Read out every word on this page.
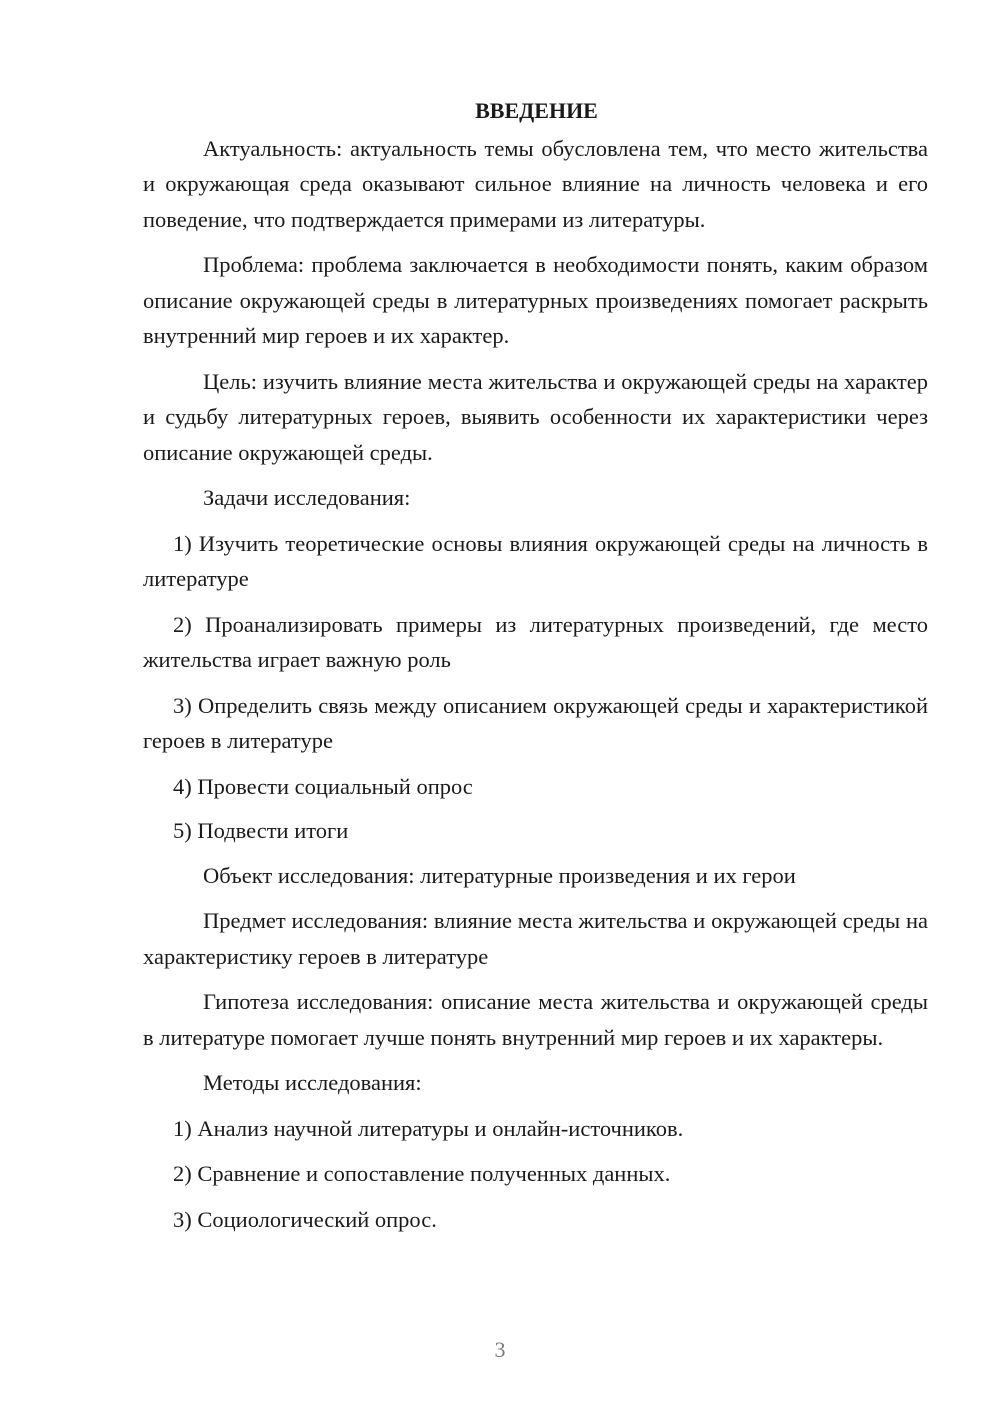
ВВЕДЕНИЕ

Актуальность: актуальность темы обусловлена тем, что место жительства и окружающая среда оказывают сильное влияние на личность человека и его поведение, что подтверждается примерами из литературы.

Проблема: проблема заключается в необходимости понять, каким образом описание окружающей среды в литературных произведениях помогает раскрыть внутренний мир героев и их характер.

Цель: изучить влияние места жительства и окружающей среды на характер и судьбу литературных героев, выявить особенности их характеристики через описание окружающей среды.

Задачи исследования:

1) Изучить теоретические основы влияния окружающей среды на личность в литературе

2) Проанализировать примеры из литературных произведений, где место жительства играет важную роль

3) Определить связь между описанием окружающей среды и характеристикой героев в литературе

4) Провести социальный опрос

5) Подвести итоги

Объект исследования: литературные произведения и их герои

Предмет исследования: влияние места жительства и окружающей среды на характеристику героев в литературе

Гипотеза исследования: описание места жительства и окружающей среды в литературе помогает лучше понять внутренний мир героев и их характеры.

Методы исследования:

1) Анализ научной литературы и онлайн-источников.

2) Сравнение и сопоставление полученных данных.

3) Социологический опрос.

3
